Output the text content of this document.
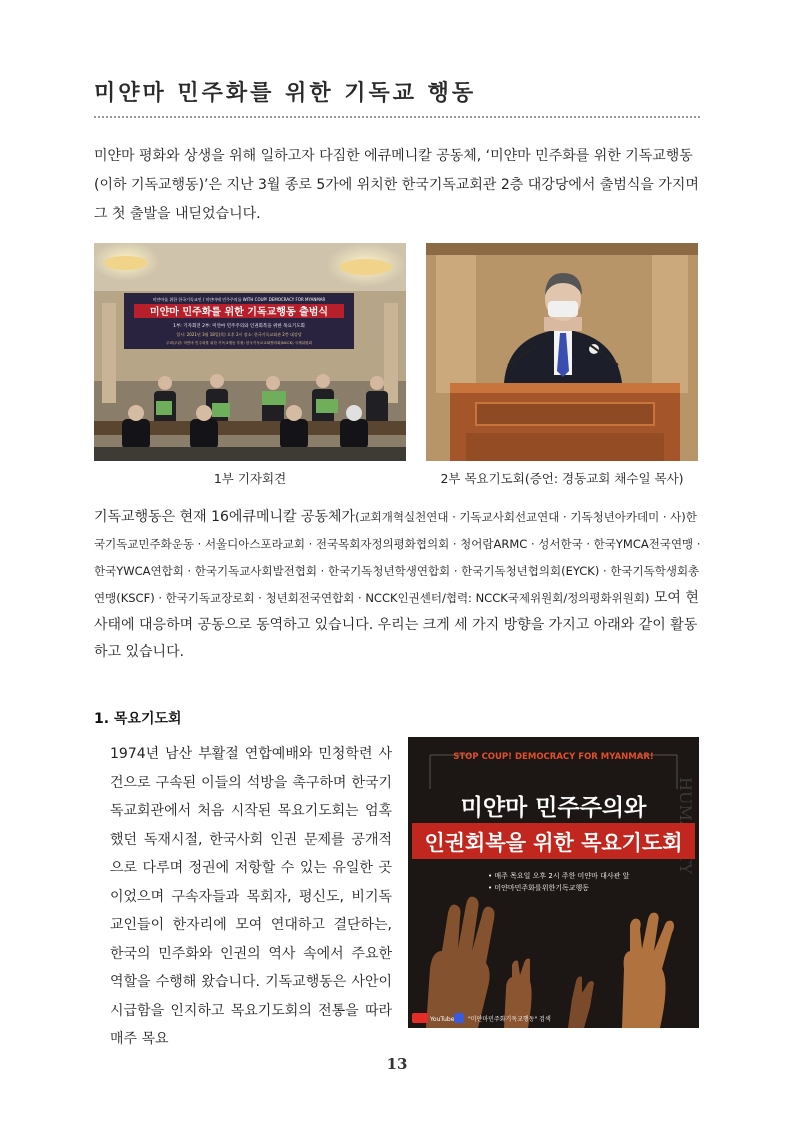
미얀마 민주화를 위한 기독교 행동

미얀마 평화와 상생을 위해 일하고자 다짐한 에큐메니칼 공동체, ‘미얀마 민주화를 위한 기독교행동(이하 기독교행동)’은 지난 3월 종로 5가에 위치한 한국기독교회관 2층 대강당에서 출범식을 가지며 그 첫 출발을 내딛었습니다.

미얀마를 위한 한국기독교인 / 미얀마에 민주주의를 WITH COUP! DEMOCRACY FOR MYANMAR
미얀마 민주화를 위한 기독교행동 출범식
1부: 기자회견 2부: 미얀마 민주주의와 인권회복을 위한 목요기도회
일시: 2021년 3월 18일(목) 오후 2시 장소: 한국기독교회관 2층 대강당
주최/주관: 미얀마 민주화를 위한 기독교행동 후원: 한국기독교교회협의회(NCCK) 국제위원회
1부 기자회견	2부 목요기도회(증언: 경동교회 채수일 목사)

기독교행동은 현재 16에큐메니칼 공동체가(교회개혁실천연대 · 기독교사회선교연대 · 기독청년아카데미 · 사)한국기독교민주화운동 · 서울디아스포라교회 · 전국목회자정의평화협의회 · 청어람ARMC · 성서한국 · 한국YMCA전국연맹 · 한국YWCA연합회 · 한국기독교사회발전협회 · 한국기독청년학생연합회 · 한국기독청년협의회(EYCK) · 한국기독학생회총연맹(KSCF) · 한국기독교장로회 · 청년회전국연합회 · NCCK인권센터/협력: NCCK국제위원회/정의평화위원회) 모여 현 사태에 대응하며 공동으로 동역하고 있습니다. 우리는 크게 세 가지 방향을 가지고 아래와 같이 활동하고 있습니다.

1. 목요기도회

1974년 남산 부활절 연합예배와 민청학련 사건으로 구속된 이들의 석방을 촉구하며 한국기독교회관에서 처음 시작된 목요기도회는 엄혹했던 독재시절, 한국사회 인권 문제를 공개적으로 다루며 정권에 저항할 수 있는 유일한 곳이었으며 구속자들과 목회자, 평신도, 비기독교인들이 한자리에 모여 연대하고 결단하는, 한국의 민주화와 인권의 역사 속에서 주요한 역할을 수행해 왔습니다. 기독교행동은 사안이 시급함을 인지하고 목요기도회의 전통을 따라 매주 목요

STOP COUP! DEMOCRACY FOR MYANMAR!
미얀마 민주주의와
인권회복을 위한 목요기도회
• 매주 목요일 오후 2시 주한 미얀마 대사관 앞
• 미얀마민주화를위한기독교행동
YouTube "미얀마민주화기독교행동" 검색
13
